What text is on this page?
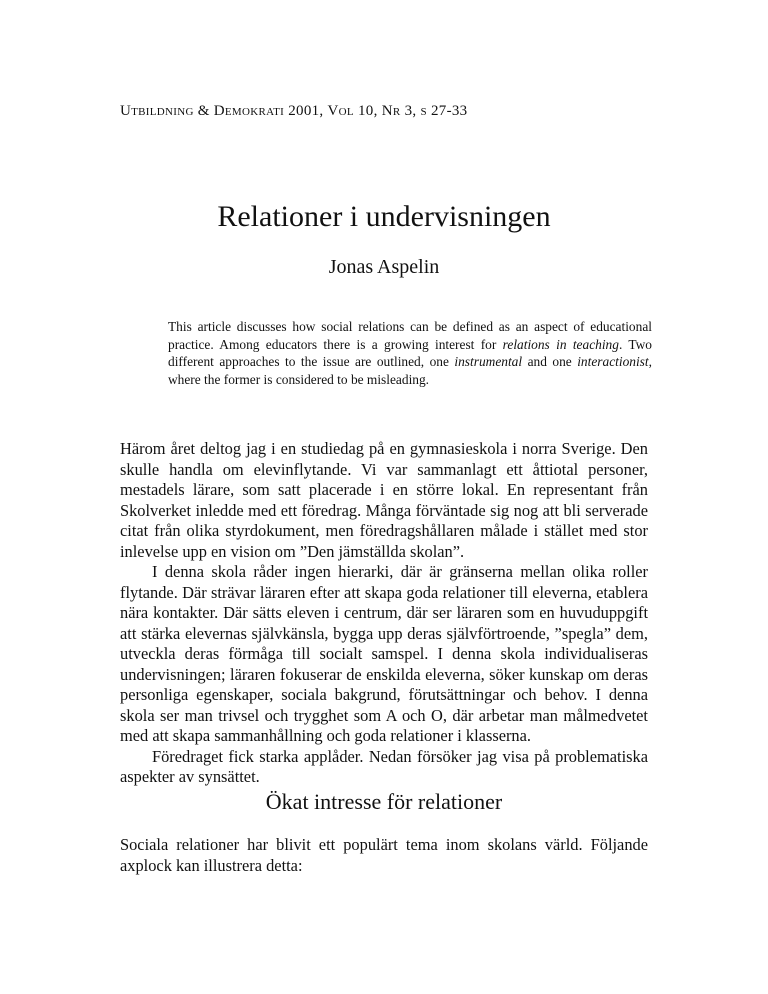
Utbildning & Demokrati 2001, Vol 10, Nr 3, s 27-33
Relationer i undervisningen

Jonas Aspelin

This article discusses how social relations can be defined as an aspect of educational practice. Among educators there is a growing interest for relations in teaching. Two different approaches to the issue are outlined, one instrumental and one interactionist, where the former is considered to be misleading.

Härom året deltog jag i en studiedag på en gymnasieskola i norra Sverige. Den skulle handla om elevinflytande. Vi var sammanlagt ett åttiotal personer, mestadels lärare, som satt placerade i en större lokal. En representant från Skolverket inledde med ett föredrag. Många förväntade sig nog att bli serverade citat från olika styrdokument, men föredragshållaren målade i stället med stor inlevelse upp en vision om ”Den jämställda skolan”.

I denna skola råder ingen hierarki, där är gränserna mellan olika roller flytande. Där strävar läraren efter att skapa goda relationer till eleverna, etablera nära kontakter. Där sätts eleven i centrum, där ser läraren som en huvuduppgift att stärka elevernas självkänsla, bygga upp deras självförtroende, ”spegla” dem, utveckla deras förmåga till socialt samspel. I denna skola individualiseras undervisningen; läraren fokuserar de enskilda eleverna, söker kunskap om deras personliga egenskaper, sociala bakgrund, förutsättningar och behov. I denna skola ser man trivsel och trygghet som A och O, där arbetar man målmedvetet med att skapa sammanhållning och goda relationer i klasserna.

Föredraget fick starka applåder. Nedan försöker jag visa på problematiska aspekter av synsättet.

Ökat intresse för relationer

Sociala relationer har blivit ett populärt tema inom skolans värld. Följande axplock kan illustrera detta:
